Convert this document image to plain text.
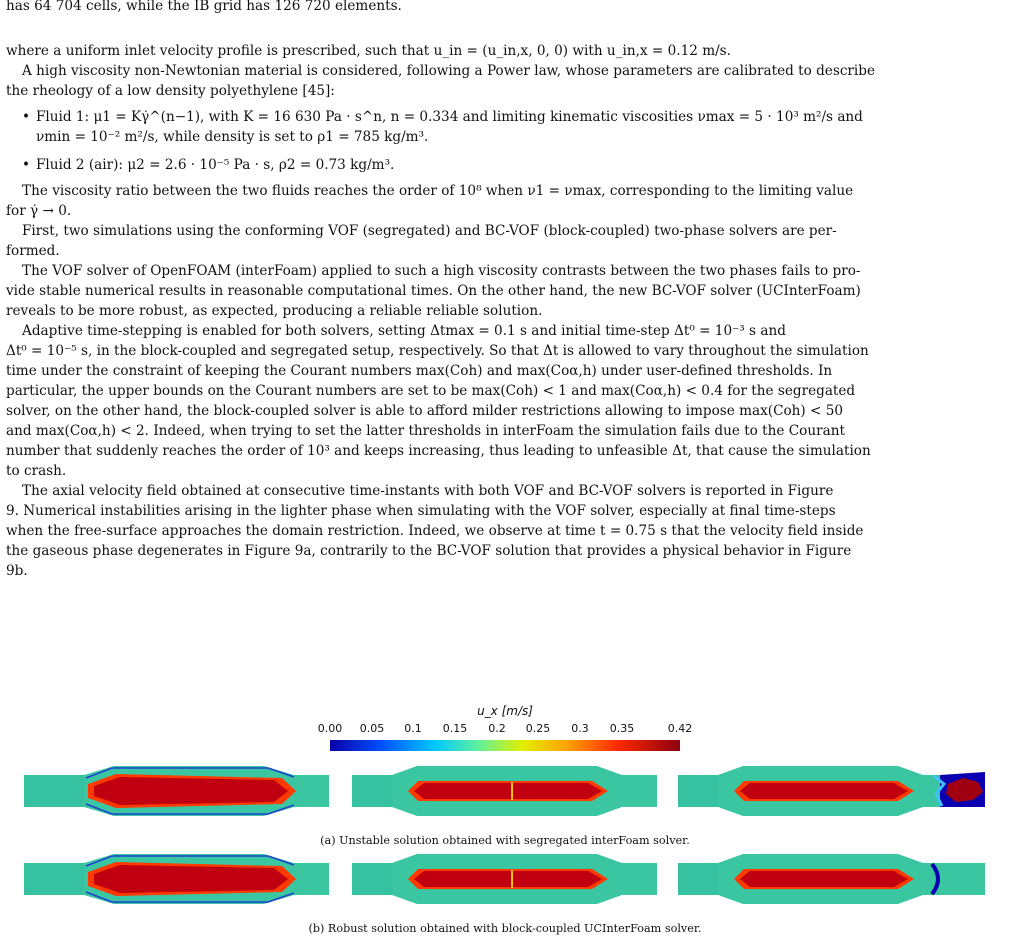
has 64 704 cells, while the IB grid has 126 720 elements.
where a uniform inlet velocity profile is prescribed, such that u_in = (u_in,x, 0, 0) with u_in,x = 0.12 m/s.
A high viscosity non-Newtonian material is considered, following a Power law, whose parameters are calibrated to describe
the rheology of a low density polyethylene [45]:
• Fluid 1: μ1 = Kγ̇^(n−1), with K = 16 630 Pa · s^n, n = 0.334 and limiting kinematic viscosities νmax = 5 · 10³ m²/s and
νmin = 10⁻² m²/s, while density is set to ρ1 = 785 kg/m³.
• Fluid 2 (air): μ2 = 2.6 · 10⁻⁵ Pa · s, ρ2 = 0.73 kg/m³.
The viscosity ratio between the two fluids reaches the order of 10⁸ when ν1 = νmax, corresponding to the limiting value
for γ̇ → 0.
First, two simulations using the conforming VOF (segregated) and BC-VOF (block-coupled) two-phase solvers are per-
formed.
The VOF solver of OpenFOAM (interFoam) applied to such a high viscosity contrasts between the two phases fails to pro-
vide stable numerical results in reasonable computational times. On the other hand, the new BC-VOF solver (UCInterFoam)
reveals to be more robust, as expected, producing a reliable reliable solution.
Adaptive time-stepping is enabled for both solvers, setting Δtmax = 0.1 s and initial time-step Δt⁰ = 10⁻³ s and
Δt⁰ = 10⁻⁵ s, in the block-coupled and segregated setup, respectively. So that Δt is allowed to vary throughout the simulation
time under the constraint of keeping the Courant numbers max(Coh) and max(Coα,h) under user-defined thresholds. In
particular, the upper bounds on the Courant numbers are set to be max(Coh) < 1 and max(Coα,h) < 0.4 for the segregated
solver, on the other hand, the block-coupled solver is able to afford milder restrictions allowing to impose max(Coh) < 50
and max(Coα,h) < 2. Indeed, when trying to set the latter thresholds in interFoam the simulation fails due to the Courant
number that suddenly reaches the order of 10³ and keeps increasing, thus leading to unfeasible Δt, that cause the simulation
to crash.
The axial velocity field obtained at consecutive time-instants with both VOF and BC-VOF solvers is reported in Figure
9. Numerical instabilities arising in the lighter phase when simulating with the VOF solver, especially at final time-steps
when the free-surface approaches the domain restriction. Indeed, we observe at time t = 0.75 s that the velocity field inside
the gaseous phase degenerates in Figure 9a, contrarily to the BC-VOF solution that provides a physical behavior in Figure
9b.
u_x [m/s]
0.00 0.05 0.1 0.15 0.2 0.25 0.3 0.35	0.42
(a) Unstable solution obtained with segregated interFoam solver.
(b) Robust solution obtained with block-coupled UCInterFoam solver.
